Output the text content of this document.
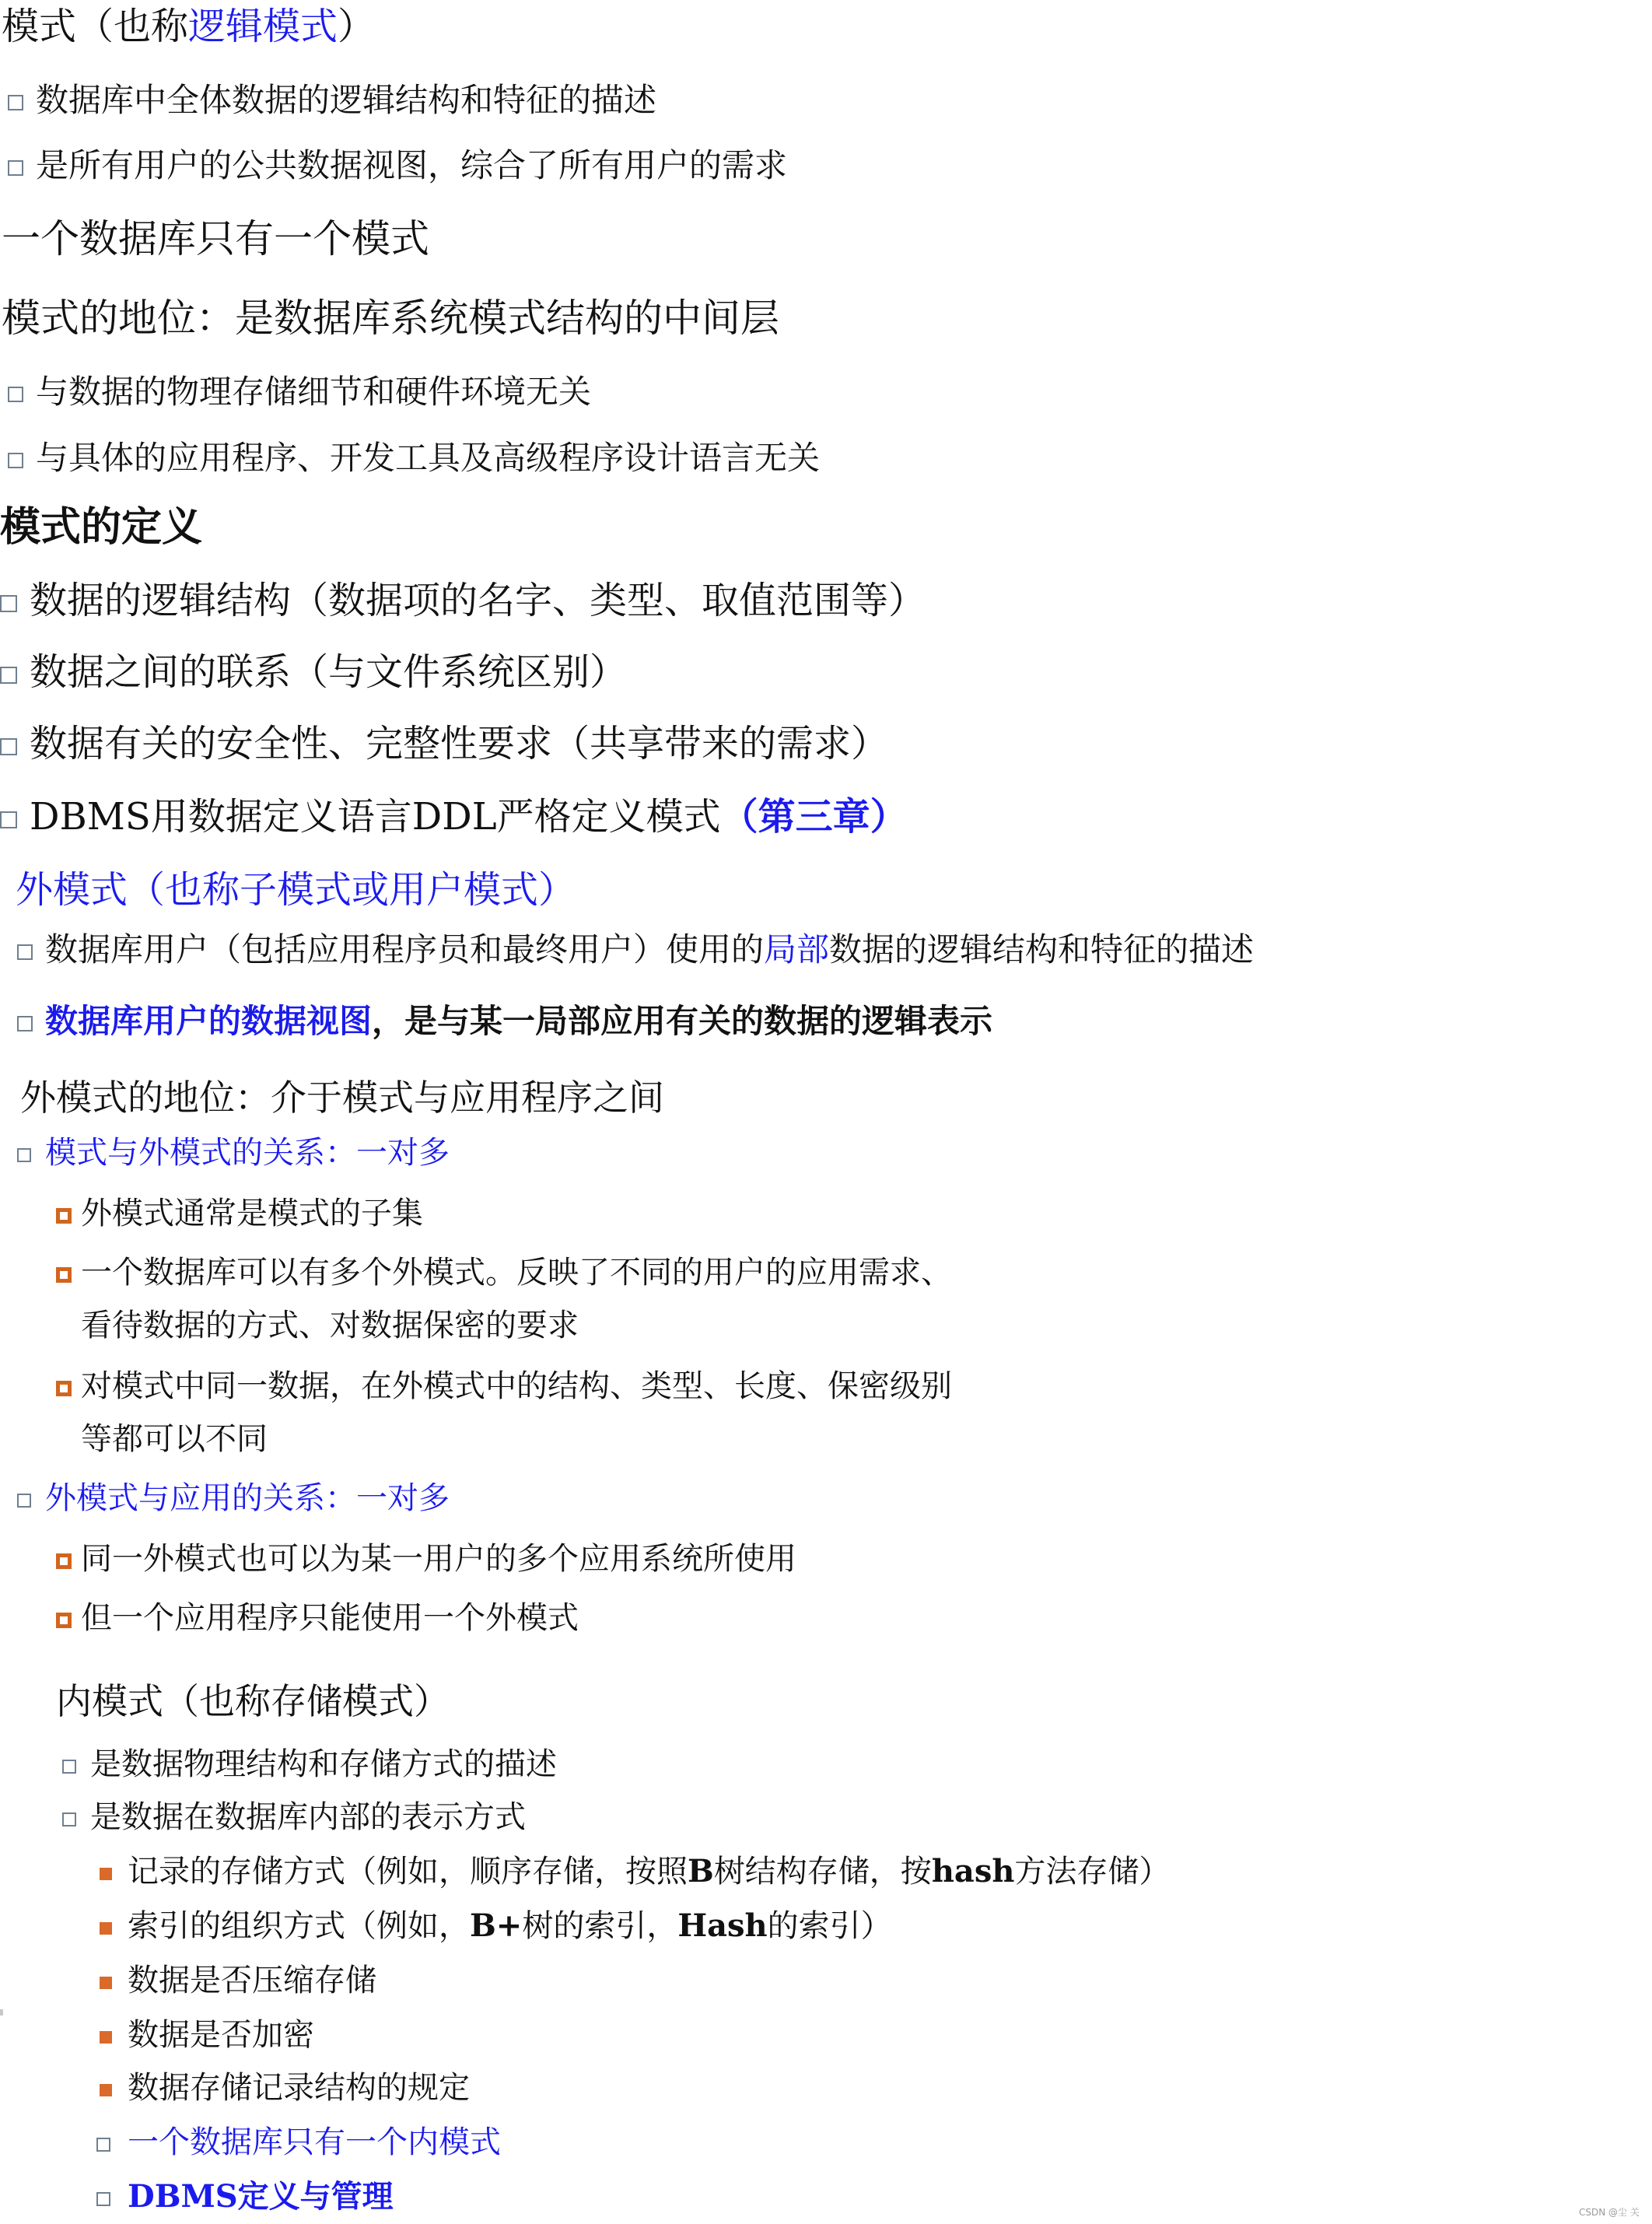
模式（也称逻辑模式）
数据库中全体数据的逻辑结构和特征的描述
是所有用户的公共数据视图，综合了所有用户的需求
一个数据库只有一个模式
模式的地位：是数据库系统模式结构的中间层
与数据的物理存储细节和硬件环境无关
与具体的应用程序、开发工具及高级程序设计语言无关
模式的定义
数据的逻辑结构（数据项的名字、类型、取值范围等）
数据之间的联系（与文件系统区别）
数据有关的安全性、完整性要求（共享带来的需求）
DBMS用数据定义语言DDL严格定义模式（第三章）
外模式（也称子模式或用户模式）
数据库用户（包括应用程序员和最终用户）使用的局部数据的逻辑结构和特征的描述
数据库用户的数据视图，是与某一局部应用有关的数据的逻辑表示
外模式的地位：介于模式与应用程序之间
模式与外模式的关系：一对多
外模式通常是模式的子集
一个数据库可以有多个外模式。反映了不同的用户的应用需求、
看待数据的方式、对数据保密的要求
对模式中同一数据，在外模式中的结构、类型、长度、保密级别
等都可以不同
外模式与应用的关系：一对多
同一外模式也可以为某一用户的多个应用系统所使用
但一个应用程序只能使用一个外模式
内模式（也称存储模式）
是数据物理结构和存储方式的描述
是数据在数据库内部的表示方式
记录的存储方式（例如，顺序存储，按照B树结构存储，按hash方法存储）
索引的组织方式（例如，B+树的索引，Hash的索引）
数据是否压缩存储
数据是否加密
数据存储记录结构的规定
一个数据库只有一个内模式
DBMS定义与管理	CSDN @尘 关
